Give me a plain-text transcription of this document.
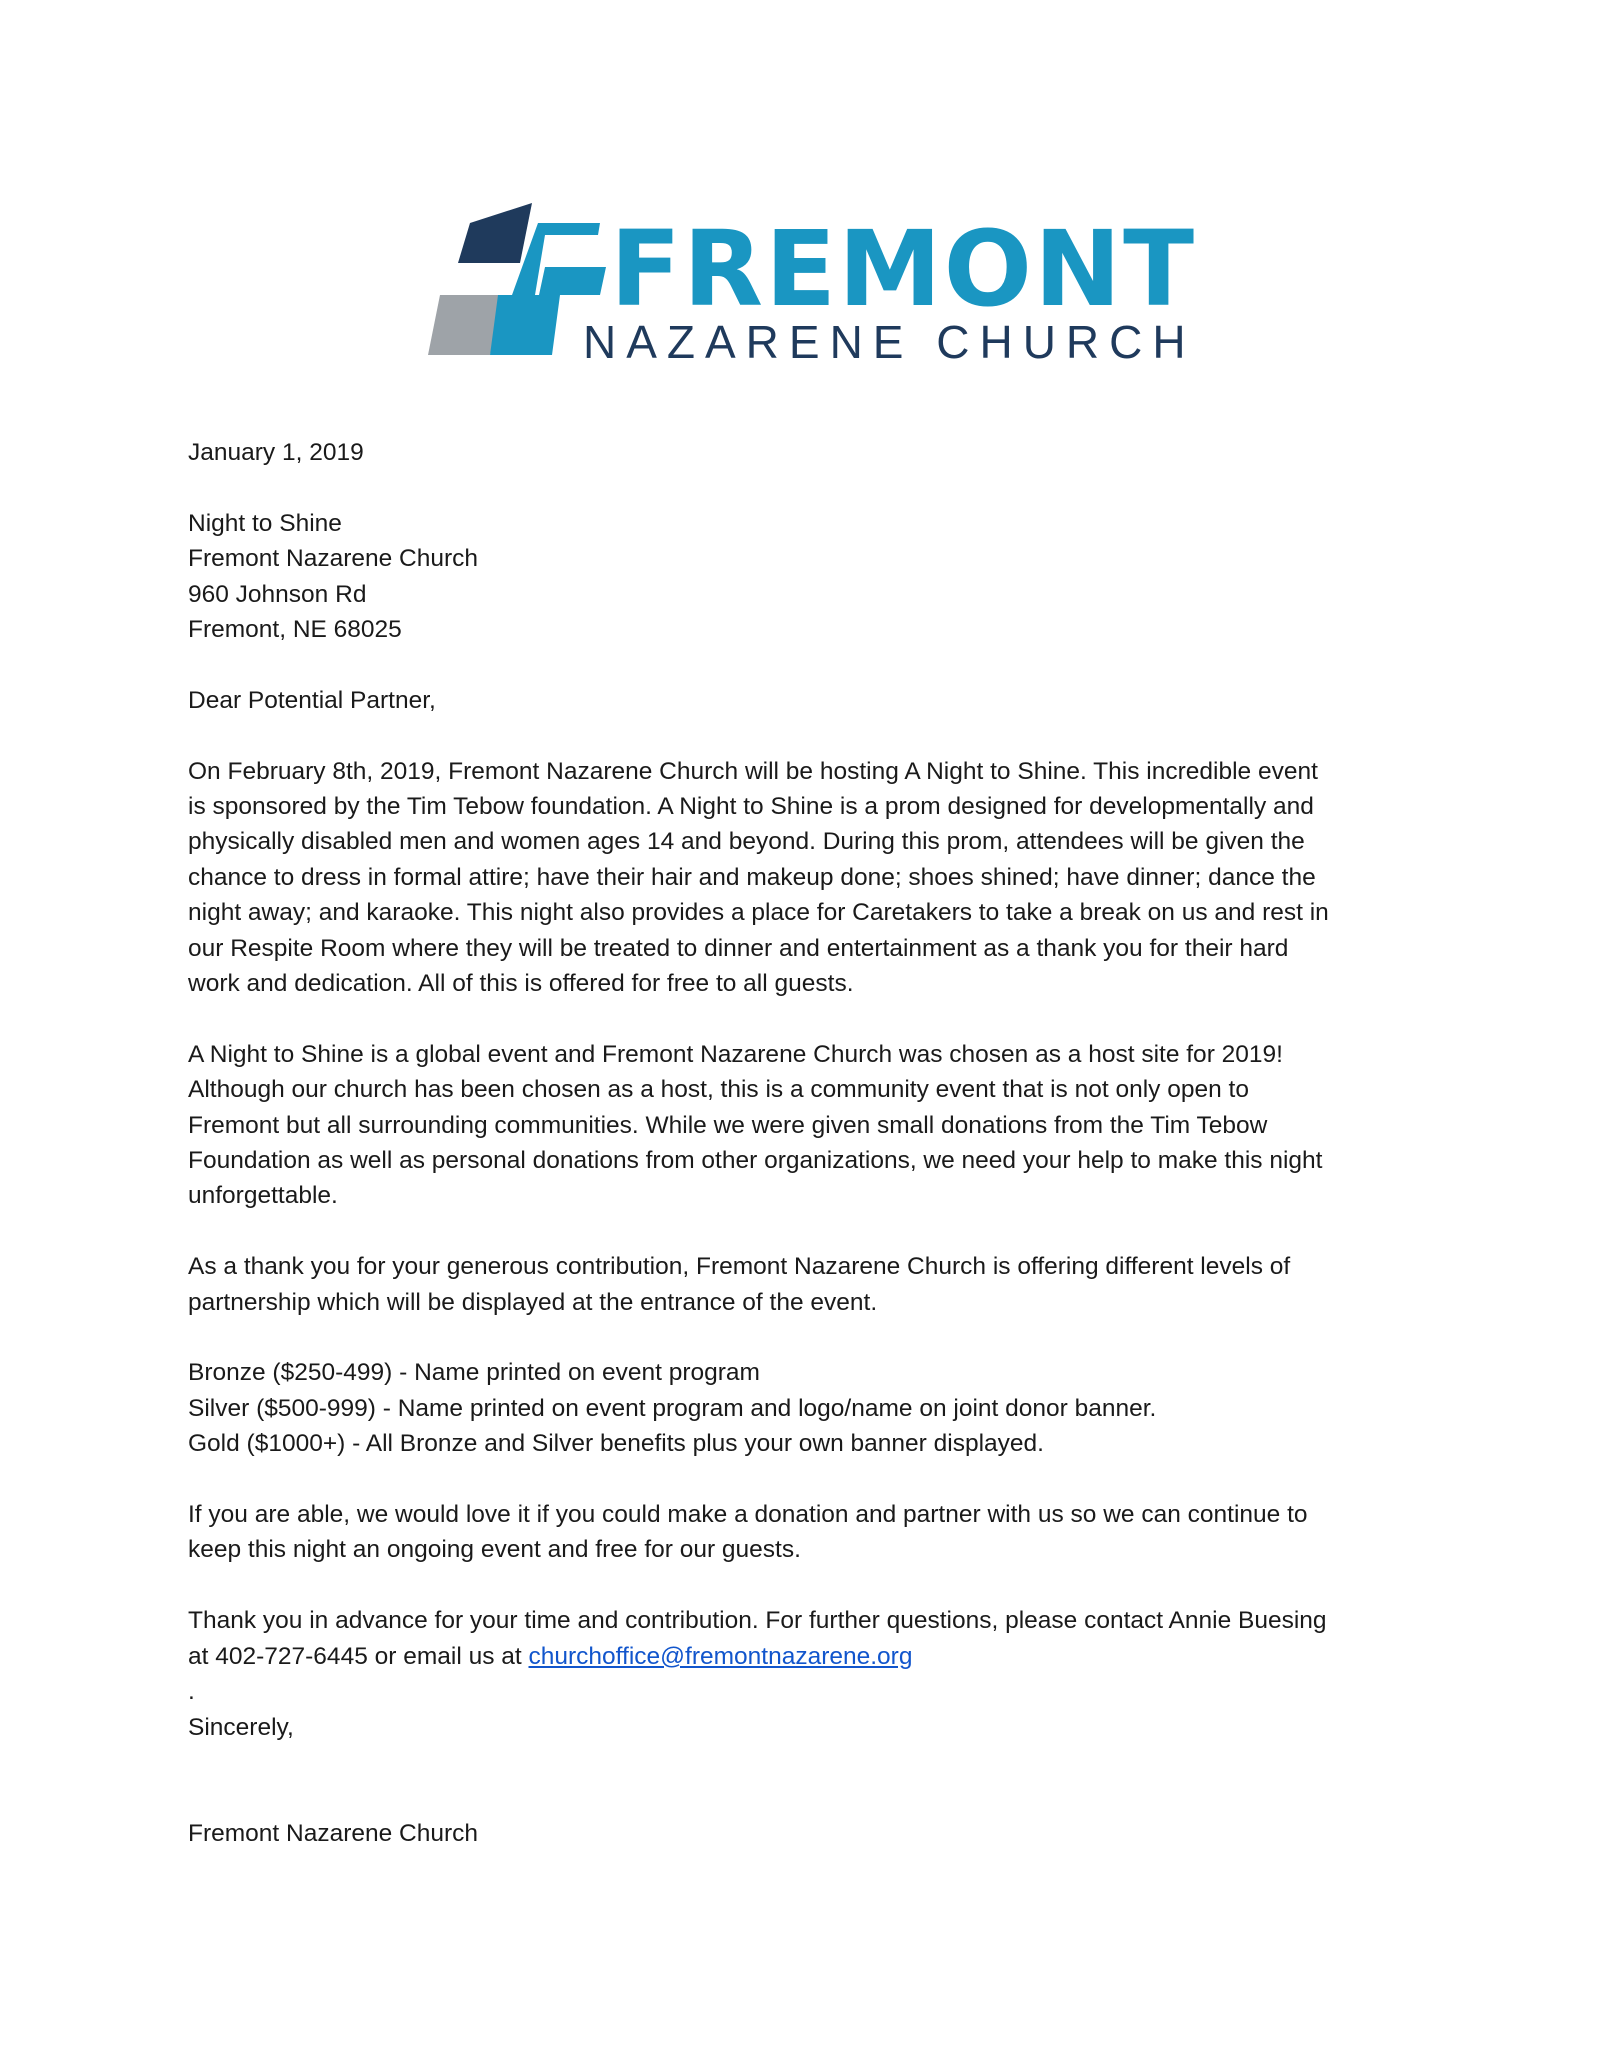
FREMONT
NAZARENE CHURCH

January 1, 2019

Night to Shine
Fremont Nazarene Church
960 Johnson Rd
Fremont, NE 68025

Dear Potential Partner,

On February 8th, 2019, Fremont Nazarene Church will be hosting A Night to Shine. This incredible event
is sponsored by the Tim Tebow foundation. A Night to Shine is a prom designed for developmentally and
physically disabled men and women ages 14 and beyond. During this prom, attendees will be given the
chance to dress in formal attire; have their hair and makeup done; shoes shined; have dinner; dance the
night away; and karaoke. This night also provides a place for Caretakers to take a break on us and rest in
our Respite Room where they will be treated to dinner and entertainment as a thank you for their hard
work and dedication. All of this is offered for free to all guests.

A Night to Shine is a global event and Fremont Nazarene Church was chosen as a host site for 2019!
Although our church has been chosen as a host, this is a community event that is not only open to
Fremont but all surrounding communities. While we were given small donations from the Tim Tebow
Foundation as well as personal donations from other organizations, we need your help to make this night
unforgettable.

As a thank you for your generous contribution, Fremont Nazarene Church is offering different levels of
partnership which will be displayed at the entrance of the event.

Bronze ($250-499) - Name printed on event program
Silver ($500-999) - Name printed on event program and logo/name on joint donor banner.
Gold ($1000+) - All Bronze and Silver benefits plus your own banner displayed.

If you are able, we would love it if you could make a donation and partner with us so we can continue to
keep this night an ongoing event and free for our guests.

Thank you in advance for your time and contribution. For further questions, please contact Annie Buesing
at 402-727-6445 or email us at churchoffice@fremontnazarene.org
.

Sincerely,

Fremont Nazarene Church
